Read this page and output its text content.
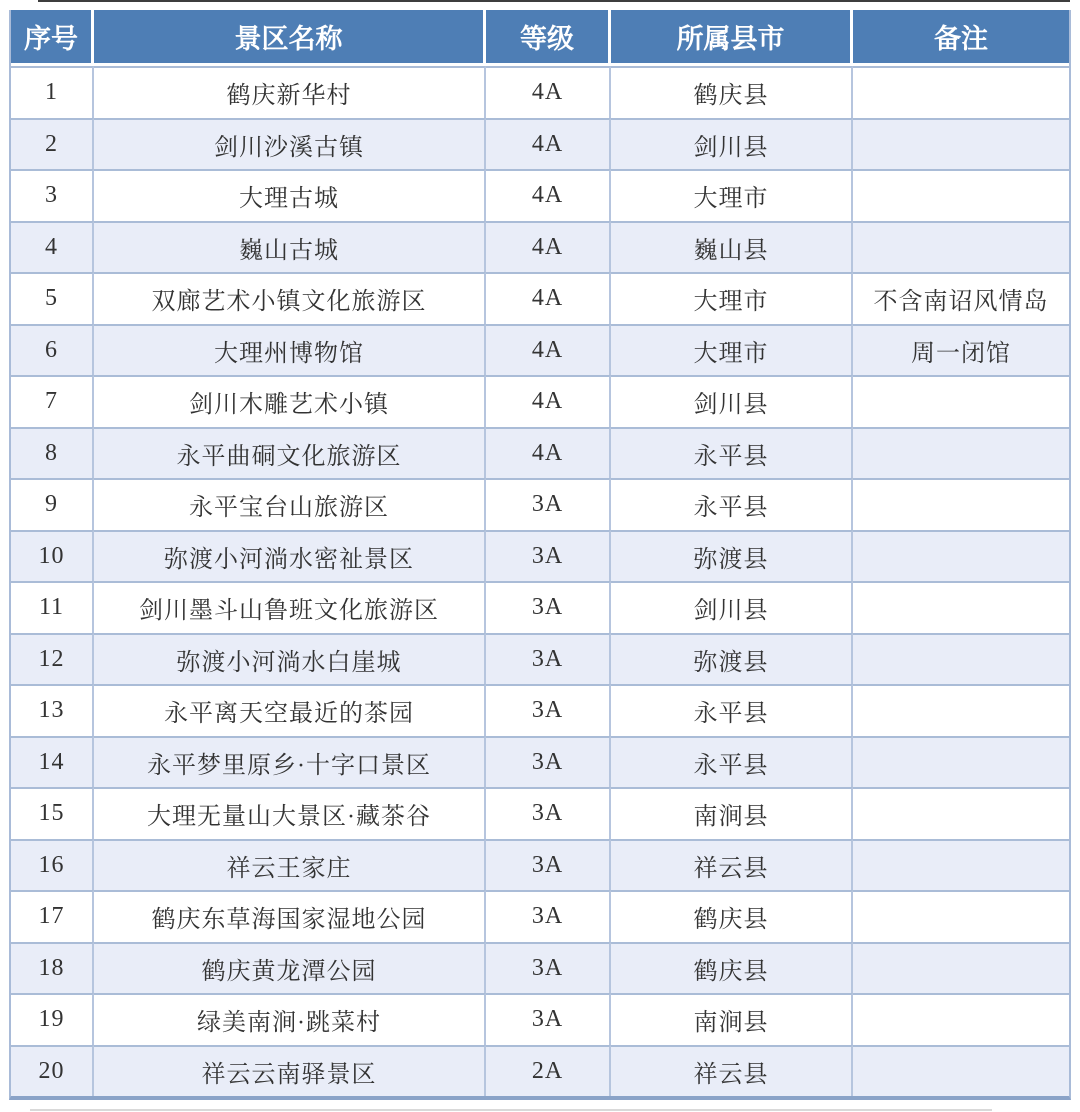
序号	景区名称	等级	所属县市	备注
1	鹤庆新华村	4A	鹤庆县	
2	剑川沙溪古镇	4A	剑川县	
3	大理古城	4A	大理市	
4	巍山古城	4A	巍山县	
5	双廊艺术小镇文化旅游区	4A	大理市	不含南诏风情岛
6	大理州博物馆	4A	大理市	周一闭馆
7	剑川木雕艺术小镇	4A	剑川县	
8	永平曲硐文化旅游区	4A	永平县	
9	永平宝台山旅游区	3A	永平县	
10	弥渡小河淌水密祉景区	3A	弥渡县	
11	剑川墨斗山鲁班文化旅游区	3A	剑川县	
12	弥渡小河淌水白崖城	3A	弥渡县	
13	永平离天空最近的茶园	3A	永平县	
14	永平梦里原乡·十字口景区	3A	永平县	
15	大理无量山大景区·藏茶谷	3A	南涧县	
16	祥云王家庄	3A	祥云县	
17	鹤庆东草海国家湿地公园	3A	鹤庆县	
18	鹤庆黄龙潭公园	3A	鹤庆县	
19	绿美南涧·跳菜村	3A	南涧县	
20	祥云云南驿景区	2A	祥云县	
